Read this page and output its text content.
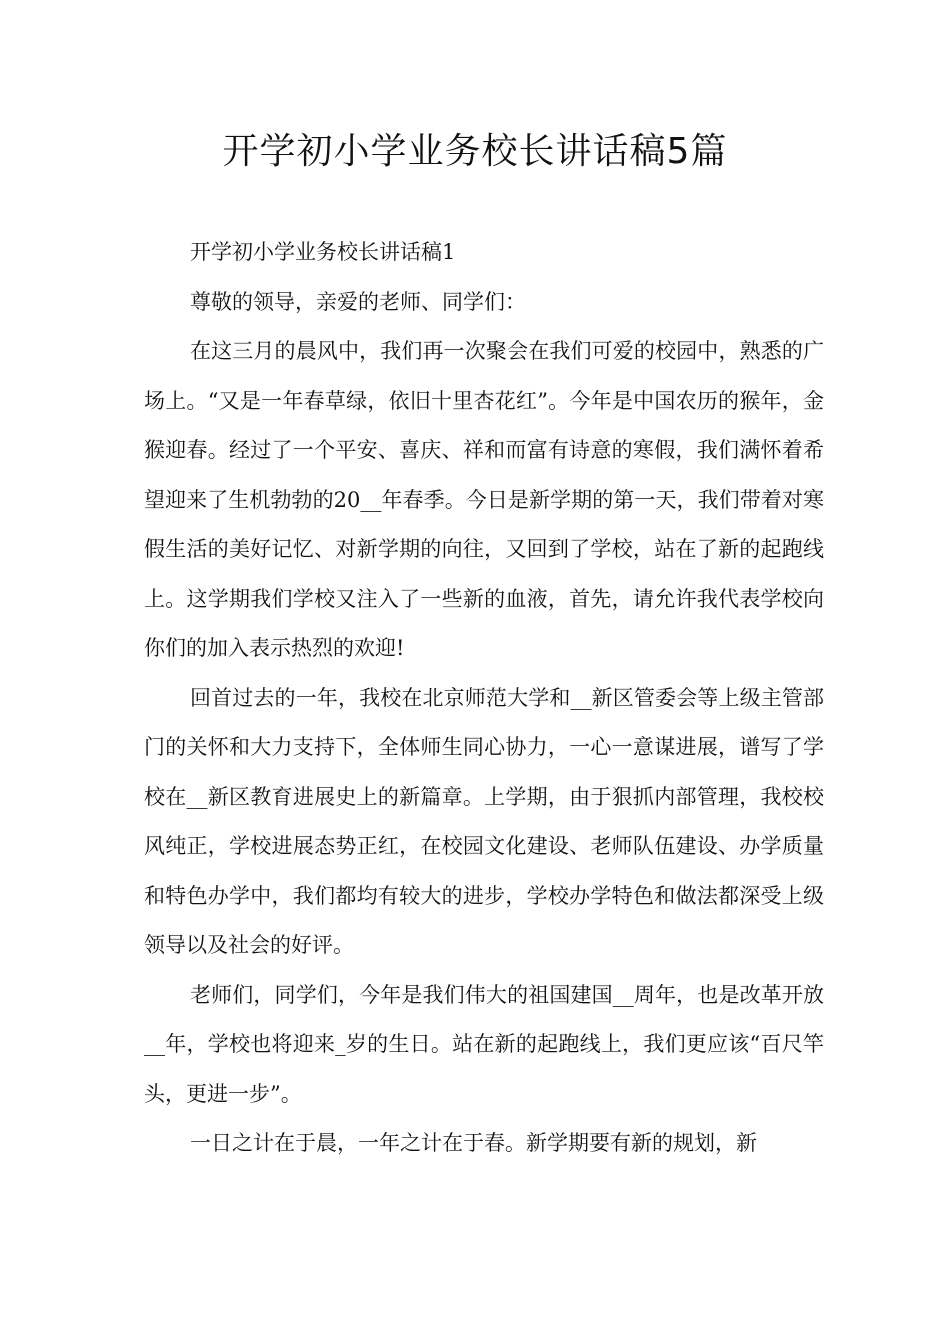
开学初小学业务校长讲话稿5篇

开学初小学业务校长讲话稿1

尊敬的领导，亲爱的老师、同学们：

在这三月的晨风中，我们再一次聚会在我们可爱的校园中，熟悉的广场上。“又是一年春草绿，依旧十里杏花红”。今年是中国农历的猴年，金猴迎春。经过了一个平安、喜庆、祥和而富有诗意的寒假，我们满怀着希望迎来了生机勃勃的20__年春季。今日是新学期的第一天，我们带着对寒假生活的美好记忆、对新学期的向往，又回到了学校，站在了新的起跑线上。这学期我们学校又注入了一些新的血液，首先，请允许我代表学校向你们的加入表示热烈的欢迎!

回首过去的一年，我校在北京师范大学和__新区管委会等上级主管部门的关怀和大力支持下，全体师生同心协力，一心一意谋进展，谱写了学校在__新区教育进展史上的新篇章。上学期，由于狠抓内部管理，我校校风纯正，学校进展态势正红，在校园文化建设、老师队伍建设、办学质量和特色办学中，我们都均有较大的进步，学校办学特色和做法都深受上级领导以及社会的好评。

老师们，同学们，今年是我们伟大的祖国建国__周年，也是改革开放__年，学校也将迎来_岁的生日。站在新的起跑线上，我们更应该“百尺竿头，更进一步”。

一日之计在于晨，一年之计在于春。新学期要有新的规划，新
